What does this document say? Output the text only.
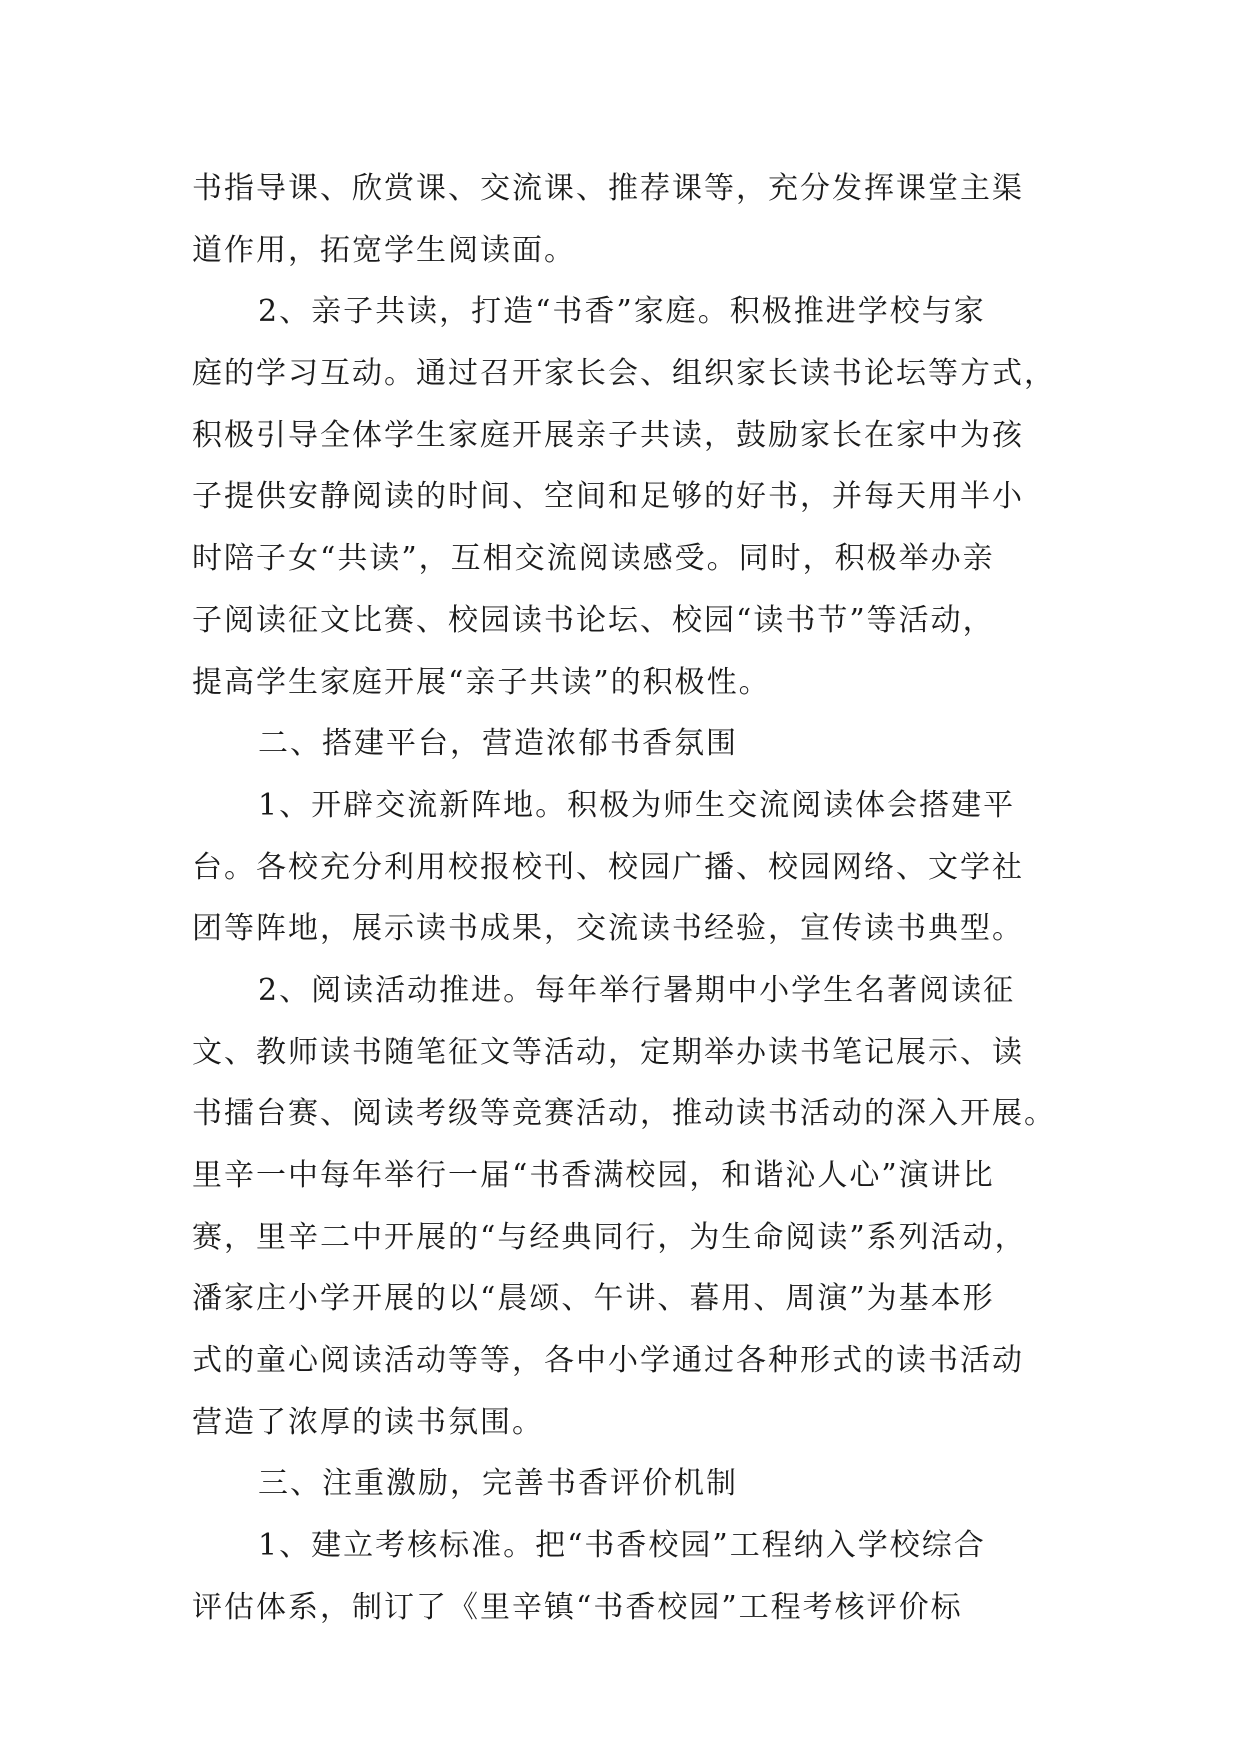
书指导课、欣赏课、交流课、推荐课等，充分发挥课堂主渠
道作用，拓宽学生阅读面。
2、亲子共读，打造“书香”家庭。积极推进学校与家
庭的学习互动。通过召开家长会、组织家长读书论坛等方式，
积极引导全体学生家庭开展亲子共读，鼓励家长在家中为孩
子提供安静阅读的时间、空间和足够的好书，并每天用半小
时陪子女“共读”，互相交流阅读感受。同时，积极举办亲
子阅读征文比赛、校园读书论坛、校园“读书节”等活动，
提高学生家庭开展“亲子共读”的积极性。
二、搭建平台，营造浓郁书香氛围
1、开辟交流新阵地。积极为师生交流阅读体会搭建平
台。各校充分利用校报校刊、校园广播、校园网络、文学社
团等阵地，展示读书成果，交流读书经验，宣传读书典型。
2、阅读活动推进。每年举行暑期中小学生名著阅读征
文、教师读书随笔征文等活动，定期举办读书笔记展示、读
书擂台赛、阅读考级等竞赛活动，推动读书活动的深入开展。
里辛一中每年举行一届“书香满校园，和谐沁人心”演讲比
赛，里辛二中开展的“与经典同行，为生命阅读”系列活动，
潘家庄小学开展的以“晨颂、午讲、暮用、周演”为基本形
式的童心阅读活动等等，各中小学通过各种形式的读书活动
营造了浓厚的读书氛围。
三、注重激励，完善书香评价机制
1、建立考核标准。把“书香校园”工程纳入学校综合
评估体系，制订了《里辛镇“书香校园”工程考核评价标
